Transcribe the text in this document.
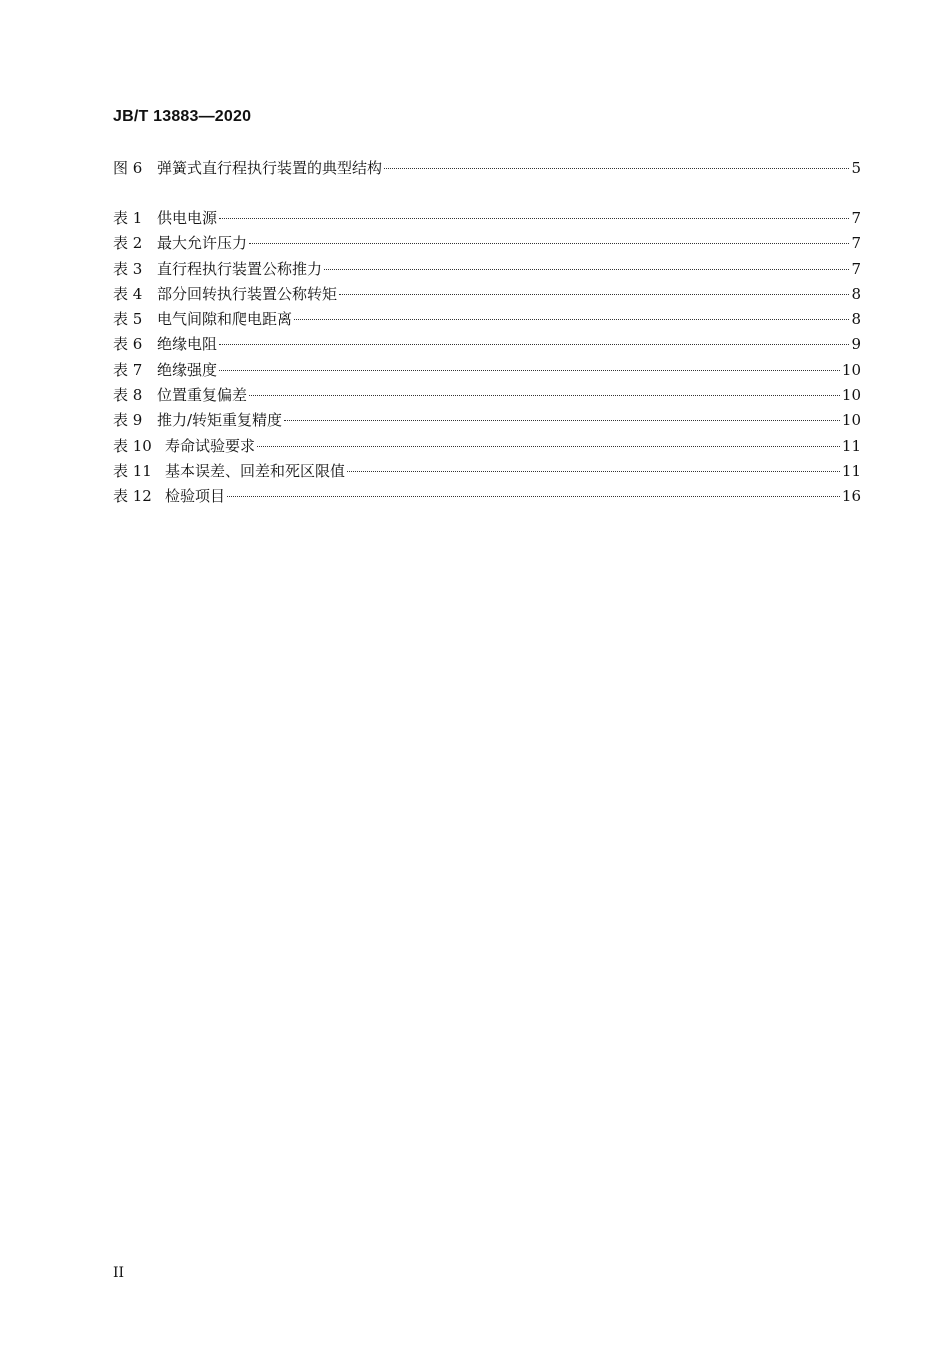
JB/T 13883—2020
图 6 弹簧式直行程执行装置的典型结构	5
表 1 供电电源	7
表 2 最大允许压力	7
表 3 直行程执行装置公称推力	7
表 4 部分回转执行装置公称转矩	8
表 5 电气间隙和爬电距离	8
表 6 绝缘电阻	9
表 7 绝缘强度	10
表 8 位置重复偏差	10
表 9 推力/转矩重复精度	10
表 10 寿命试验要求	11
表 11 基本误差、回差和死区限值	11
表 12 检验项目	16
II
